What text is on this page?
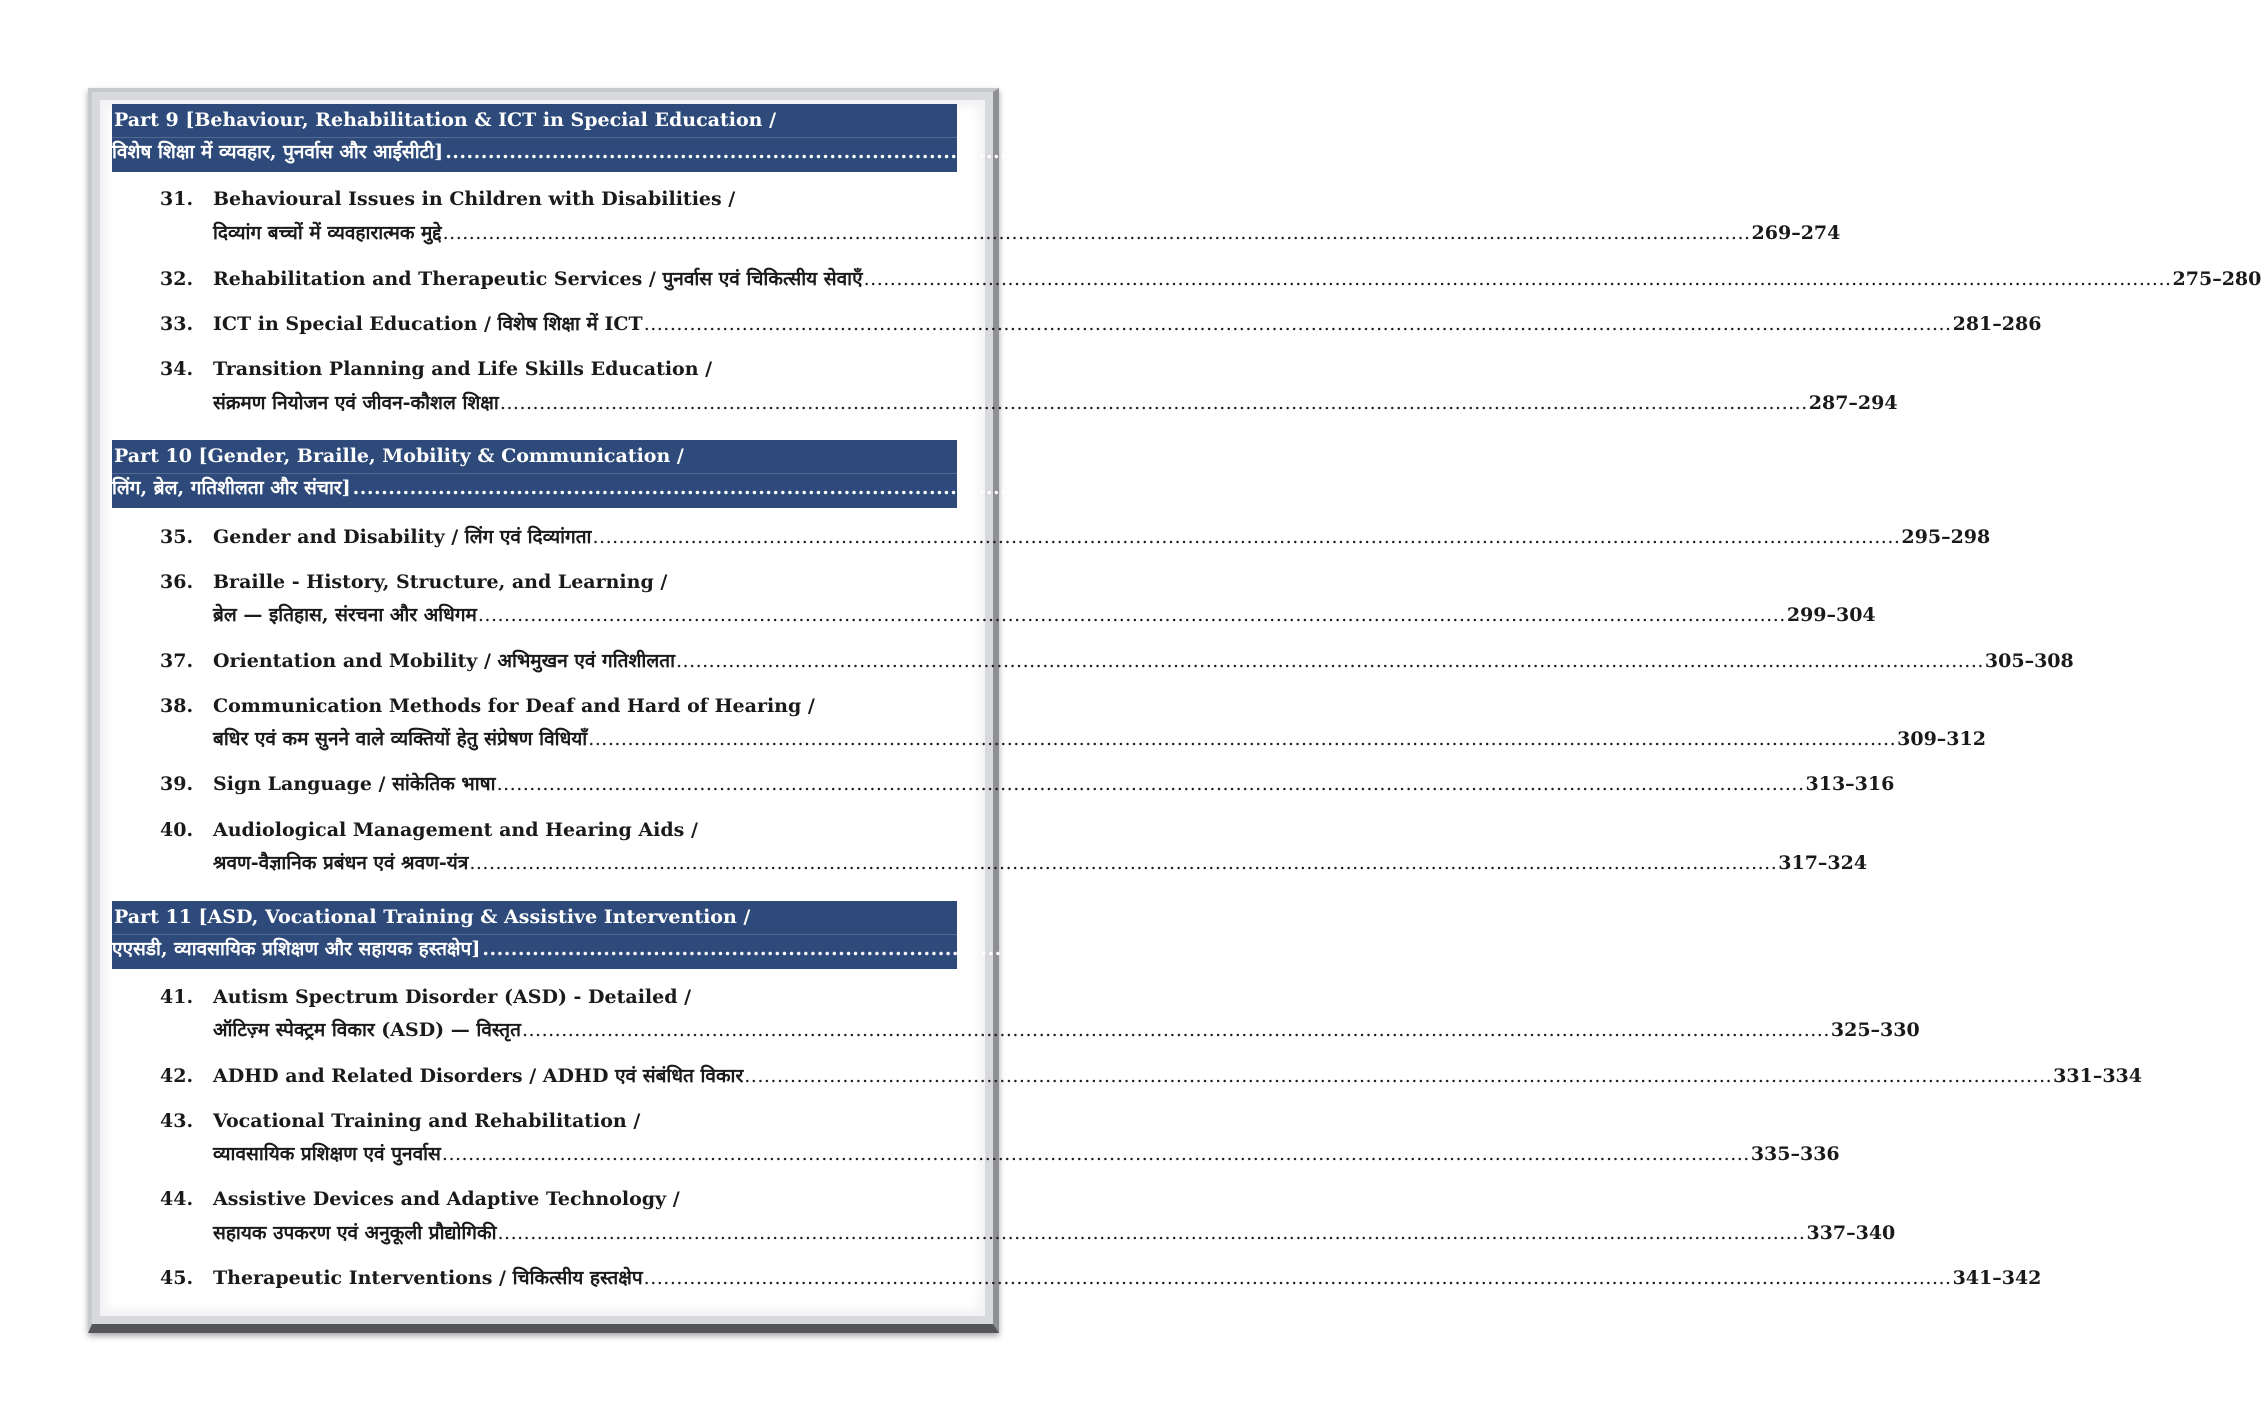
Part 9 [Behaviour, Rehabilitation & ICT in Special Education /
विशेष शिक्षा में व्यवहार, पुनर्वास और आईसीटी] ........................................................................................................................................................................................................ 269-294
31.	Behavioural Issues in Children with Disabilities /
दिव्यांग बच्चों में व्यवहारात्मक मुद्दे ........................................................................................................................................................................................................ 269–274
32.	Rehabilitation and Therapeutic Services / पुनर्वास एवं चिकित्सीय सेवाएँ ........................................................................................................................................................................................................ 275–280
33.	ICT in Special Education / विशेष शिक्षा में ICT ........................................................................................................................................................................................................ 281–286
34.	Transition Planning and Life Skills Education /
संक्रमण नियोजन एवं जीवन-कौशल शिक्षा ........................................................................................................................................................................................................ 287–294
Part 10 [Gender, Braille, Mobility & Communication /
लिंग, ब्रेल, गतिशीलता और संचार] ........................................................................................................................................................................................................ 295-324
35.	Gender and Disability / लिंग एवं दिव्यांगता ........................................................................................................................................................................................................ 295–298
36.	Braille - History, Structure, and Learning /
ब्रेल — इतिहास, संरचना और अधिगम ........................................................................................................................................................................................................ 299–304
37.	Orientation and Mobility / अभिमुखन एवं गतिशीलता ........................................................................................................................................................................................................ 305–308
38.	Communication Methods for Deaf and Hard of Hearing /
बधिर एवं कम सुनने वाले व्यक्तियों हेतु संप्रेषण विधियाँ ........................................................................................................................................................................................................ 309–312
39.	Sign Language / सांकेतिक भाषा ........................................................................................................................................................................................................ 313–316
40.	Audiological Management and Hearing Aids /
श्रवण-वैज्ञानिक प्रबंधन एवं श्रवण-यंत्र ........................................................................................................................................................................................................ 317–324
Part 11 [ASD, Vocational Training & Assistive Intervention /
एएसडी, व्यावसायिक प्रशिक्षण और सहायक हस्तक्षेप] ........................................................................................................................................................................................................ 325-348
41.	Autism Spectrum Disorder (ASD) - Detailed /
ऑटिज़्म स्पेक्ट्रम विकार (ASD) — विस्तृत ........................................................................................................................................................................................................ 325–330
42.	ADHD and Related Disorders / ADHD एवं संबंधित विकार ........................................................................................................................................................................................................ 331–334
43.	Vocational Training and Rehabilitation /
व्यावसायिक प्रशिक्षण एवं पुनर्वास ........................................................................................................................................................................................................ 335–336
44.	Assistive Devices and Adaptive Technology /
सहायक उपकरण एवं अनुकूली प्रौद्योगिकी ........................................................................................................................................................................................................ 337–340
45.	Therapeutic Interventions / चिकित्सीय हस्तक्षेप ........................................................................................................................................................................................................ 341–342
